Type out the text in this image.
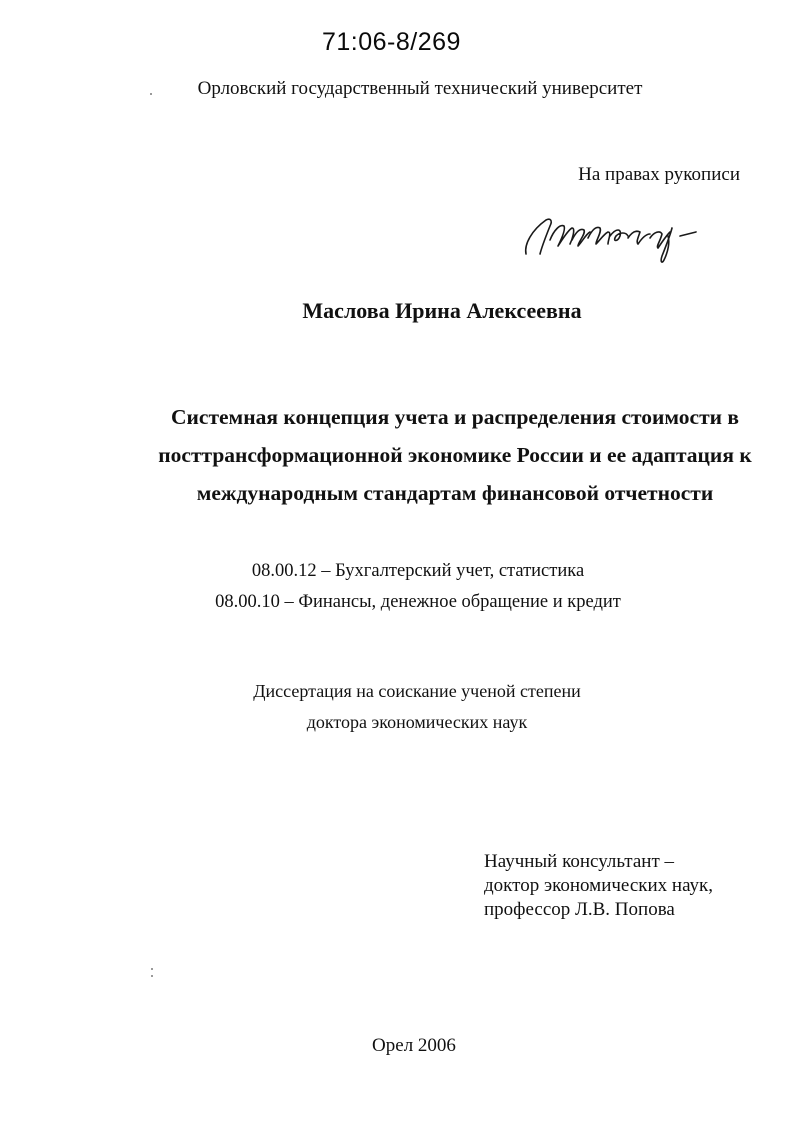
71:06-8/269
Орловский государственный технический университет
На правах рукописи
Маслова Ирина Алексеевна
Системная концепция учета и распределения стоимости в
посттрансформационной экономике России и ее адаптация к
международным стандартам финансовой отчетности
08.00.12 – Бухгалтерский учет, статистика
08.00.10 – Финансы, денежное обращение и кредит
Диссертация на соискание ученой степени
доктора экономических наук
Научный консультант –
доктор экономических наук,
профессор Л.В. Попова
Орел 2006
